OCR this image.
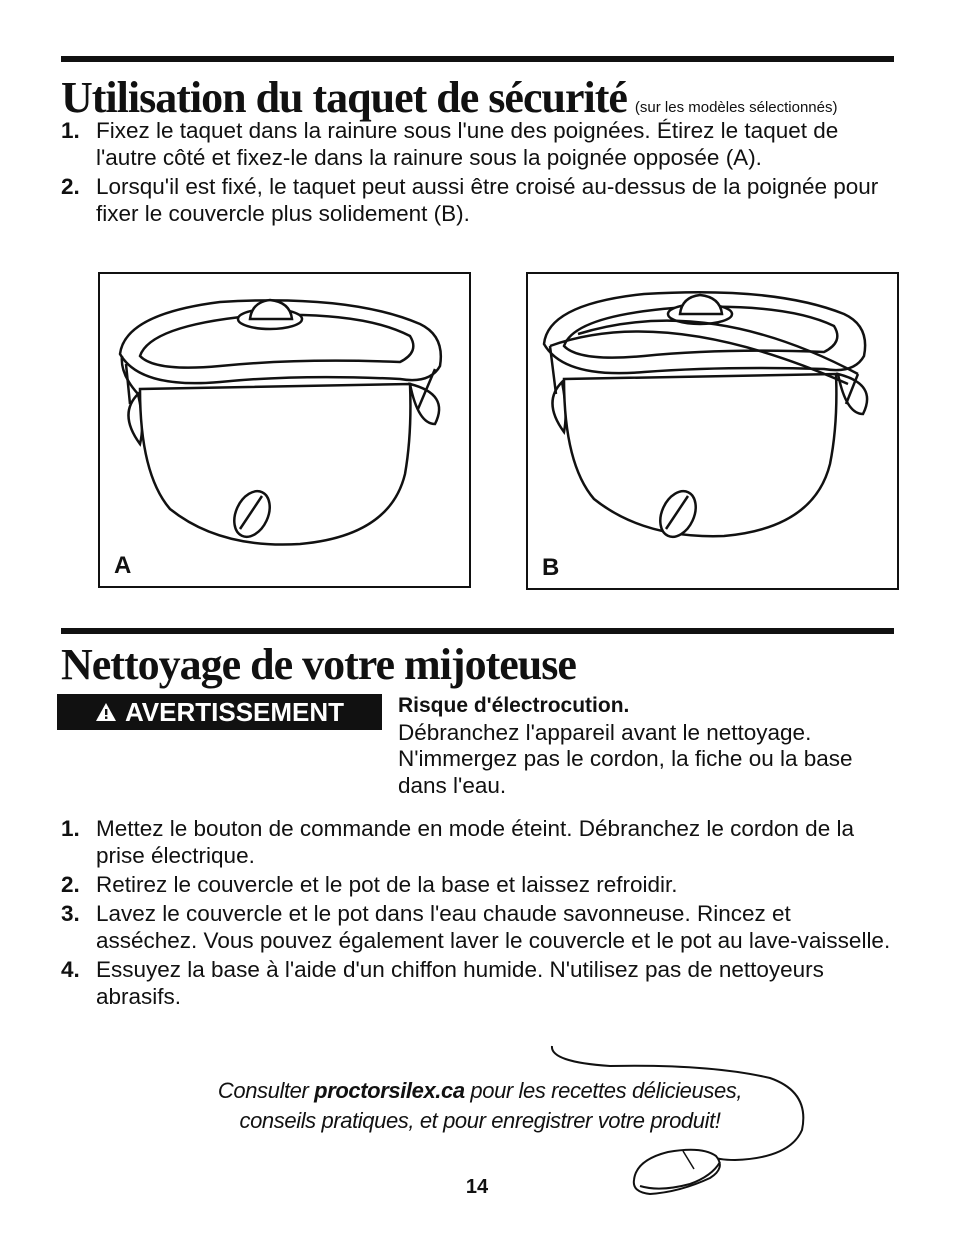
Utilisation du taquet de sécurité (sur les modèles sélectionnés)
1. Fixez le taquet dans la rainure sous l'une des poignées. Étirez le taquet de l'autre côté et fixez-le dans la rainure sous la poignée opposée (A).
2. Lorsqu'il est fixé, le taquet peut aussi être croisé au-dessus de la poignée pour fixer le couvercle plus solidement (B).
A	B
Nettoyage de votre mijoteuse
AVERTISSEMENT	Risque d'électrocution.
Débranchez l'appareil avant le nettoyage. N'immergez pas le cordon, la fiche ou la base dans l'eau.
1. Mettez le bouton de commande en mode éteint. Débranchez le cordon de la prise électrique.
2. Retirez le couvercle et le pot de la base et laissez refroidir.
3. Lavez le couvercle et le pot dans l'eau chaude savonneuse. Rincez et asséchez. Vous pouvez également laver le couvercle et le pot au lave-vaisselle.
4. Essuyez la base à l'aide d'un chiffon humide. N'utilisez pas de nettoyeurs abrasifs.
Consulter proctorsilex.ca pour les recettes délicieuses,
conseils pratiques, et pour enregistrer votre produit!
14
